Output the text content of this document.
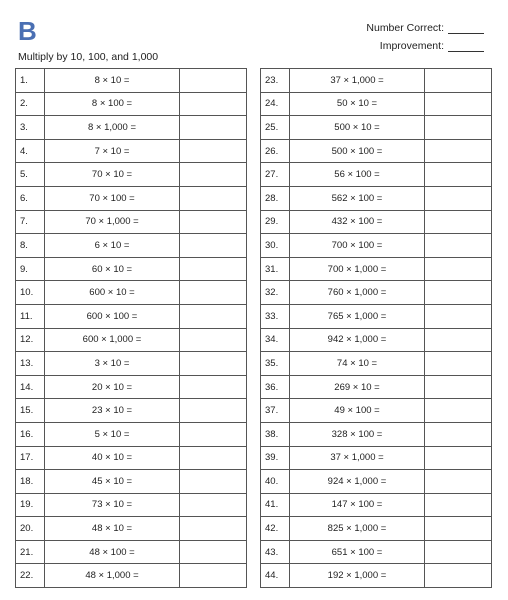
B	Number Correct:
Improvement:
Multiply by 10, 100, and 1,000
1.	8 × 10 =	
2.	8 × 100 =	
3.	8 × 1,000 =	
4.	7 × 10 =	
5.	70 × 10 =	
6.	70 × 100 =	
7.	70 × 1,000 =	
8.	6 × 10 =	
9.	60 × 10 =	
10.	600 × 10 =	
11.	600 × 100 =	
12.	600 × 1,000 =	
13.	3 × 10 =	
14.	20 × 10 =	
15.	23 × 10 =	
16.	5 × 10 =	
17.	40 × 10 =	
18.	45 × 10 =	
19.	73 × 10 =	
20.	48 × 10 =	
21.	48 × 100 =	
22.	48 × 1,000 =	
23.	37 × 1,000 =	
24.	50 × 10 =	
25.	500 × 10 =	
26.	500 × 100 =	
27.	56 × 100 =	
28.	562 × 100 =	
29.	432 × 100 =	
30.	700 × 100 =	
31.	700 × 1,000 =	
32.	760 × 1,000 =	
33.	765 × 1,000 =	
34.	942 × 1,000 =	
35.	74 × 10 =	
36.	269 × 10 =	
37.	49 × 100 =	
38.	328 × 100 =	
39.	37 × 1,000 =	
40.	924 × 1,000 =	
41.	147 × 100 =	
42.	825 × 1,000 =	
43.	651 × 100 =	
44.	192 × 1,000 =	
